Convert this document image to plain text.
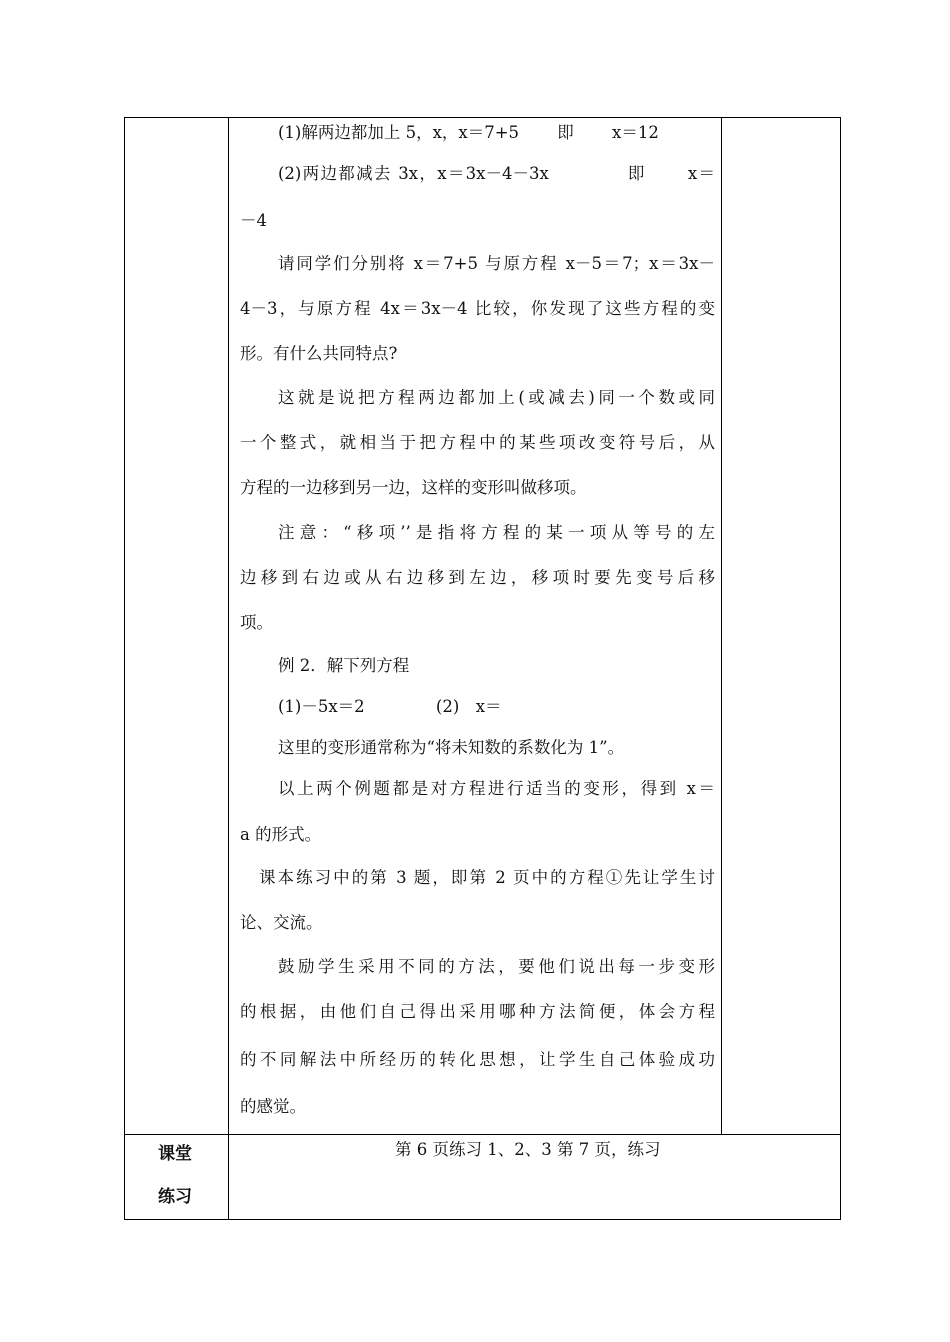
(1)解两边都加上 5，x，x＝7+5　　 即　　 x＝12
(2)两边都减去 3x，x＝3x－4－3x　　　　 即　　 x＝
－4
请同学们分别将 x＝7+5 与原方程 x－5＝7；x＝3x－
4－3，与原方程 4x＝3x－4 比较，你发现了这些方程的变
形。有什么共同特点?
这就是说把方程两边都加上(或减去)同一个数或同
一个整式，就相当于把方程中的某些项改变符号后，从
方程的一边移到另一边，这样的变形叫做移项。
注意：“移项’’是指将方程的某一项从等号的左
边移到右边或从右边移到左边，移项时要先变号后移
项。
例 2．解下列方程
(1)－5x＝2　　　　 (2)　x＝
这里的变形通常称为“将未知数的系数化为 1”。
以上两个例题都是对方程进行适当的变形，得到 x＝
a 的形式。
课本练习中的第 3 题，即第 2 页中的方程①先让学生讨
论、交流。
鼓励学生采用不同的方法，要他们说出每一步变形
的根据，由他们自己得出采用哪种方法简便，体会方程
的不同解法中所经历的转化思想，让学生自己体验成功
的感觉。
课堂
练习
第 6 页练习 1、2、3 第 7 页，练习
